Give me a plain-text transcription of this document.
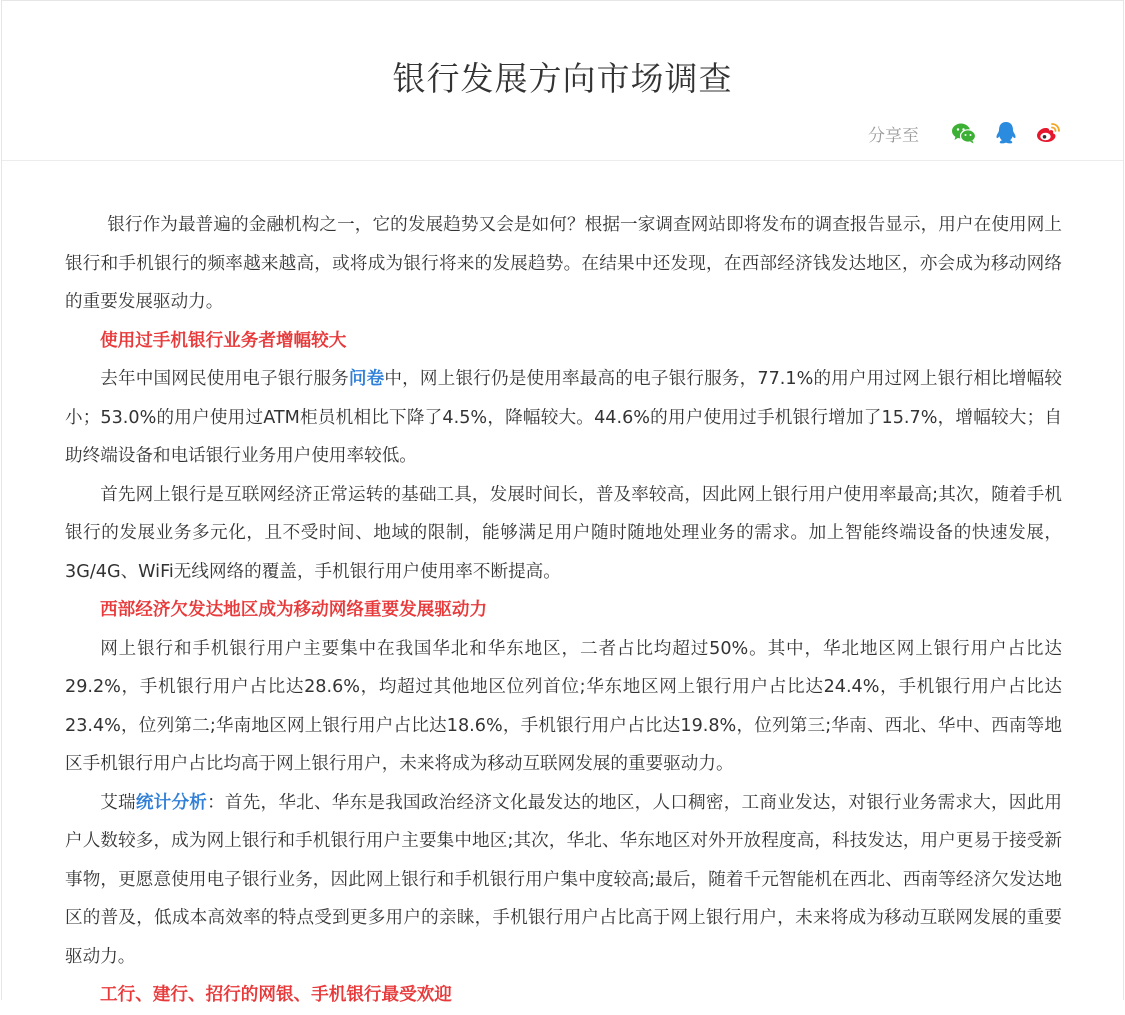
银行发展方向市场调查
分享至

银行作为最普遍的金融机构之一，它的发展趋势又会是如何？根据一家调查网站即将发布的调查报告显示，用户在使用网上银行和手机银行的频率越来越高，或将成为银行将来的发展趋势。在结果中还发现，在西部经济钱发达地区，亦会成为移动网络的重要发展驱动力。

使用过手机银行业务者增幅较大

去年中国网民使用电子银行服务问卷中，网上银行仍是使用率最高的电子银行服务，77.1%的用户用过网上银行相比增幅较小；53.0%的用户使用过ATM柜员机相比下降了4.5%，降幅较大。44.6%的用户使用过手机银行增加了15.7%，增幅较大；自助终端设备和电话银行业务用户使用率较低。

首先网上银行是互联网经济正常运转的基础工具，发展时间长，普及率较高，因此网上银行用户使用率最高;其次，随着手机银行的发展业务多元化，且不受时间、地域的限制，能够满足用户随时随地处理业务的需求。加上智能终端设备的快速发展，3G/4G、WiFi无线网络的覆盖，手机银行用户使用率不断提高。

西部经济欠发达地区成为移动网络重要发展驱动力

网上银行和手机银行用户主要集中在我国华北和华东地区，二者占比均超过50%。其中，华北地区网上银行用户占比达29.2%，手机银行用户占比达28.6%，均超过其他地区位列首位;华东地区网上银行用户占比达24.4%，手机银行用户占比达23.4%，位列第二;华南地区网上银行用户占比达18.6%，手机银行用户占比达19.8%，位列第三;华南、西北、华中、西南等地区手机银行用户占比均高于网上银行用户，未来将成为移动互联网发展的重要驱动力。

艾瑞统计分析：首先，华北、华东是我国政治经济文化最发达的地区，人口稠密，工商业发达，对银行业务需求大，因此用户人数较多，成为网上银行和手机银行用户主要集中地区;其次，华北、华东地区对外开放程度高，科技发达，用户更易于接受新事物，更愿意使用电子银行业务，因此网上银行和手机银行用户集中度较高;最后，随着千元智能机在西北、西南等经济欠发达地区的普及，低成本高效率的特点受到更多用户的亲睐，手机银行用户占比高于网上银行用户，未来将成为移动互联网发展的重要驱动力。

工行、建行、招行的网银、手机银行最受欢迎
